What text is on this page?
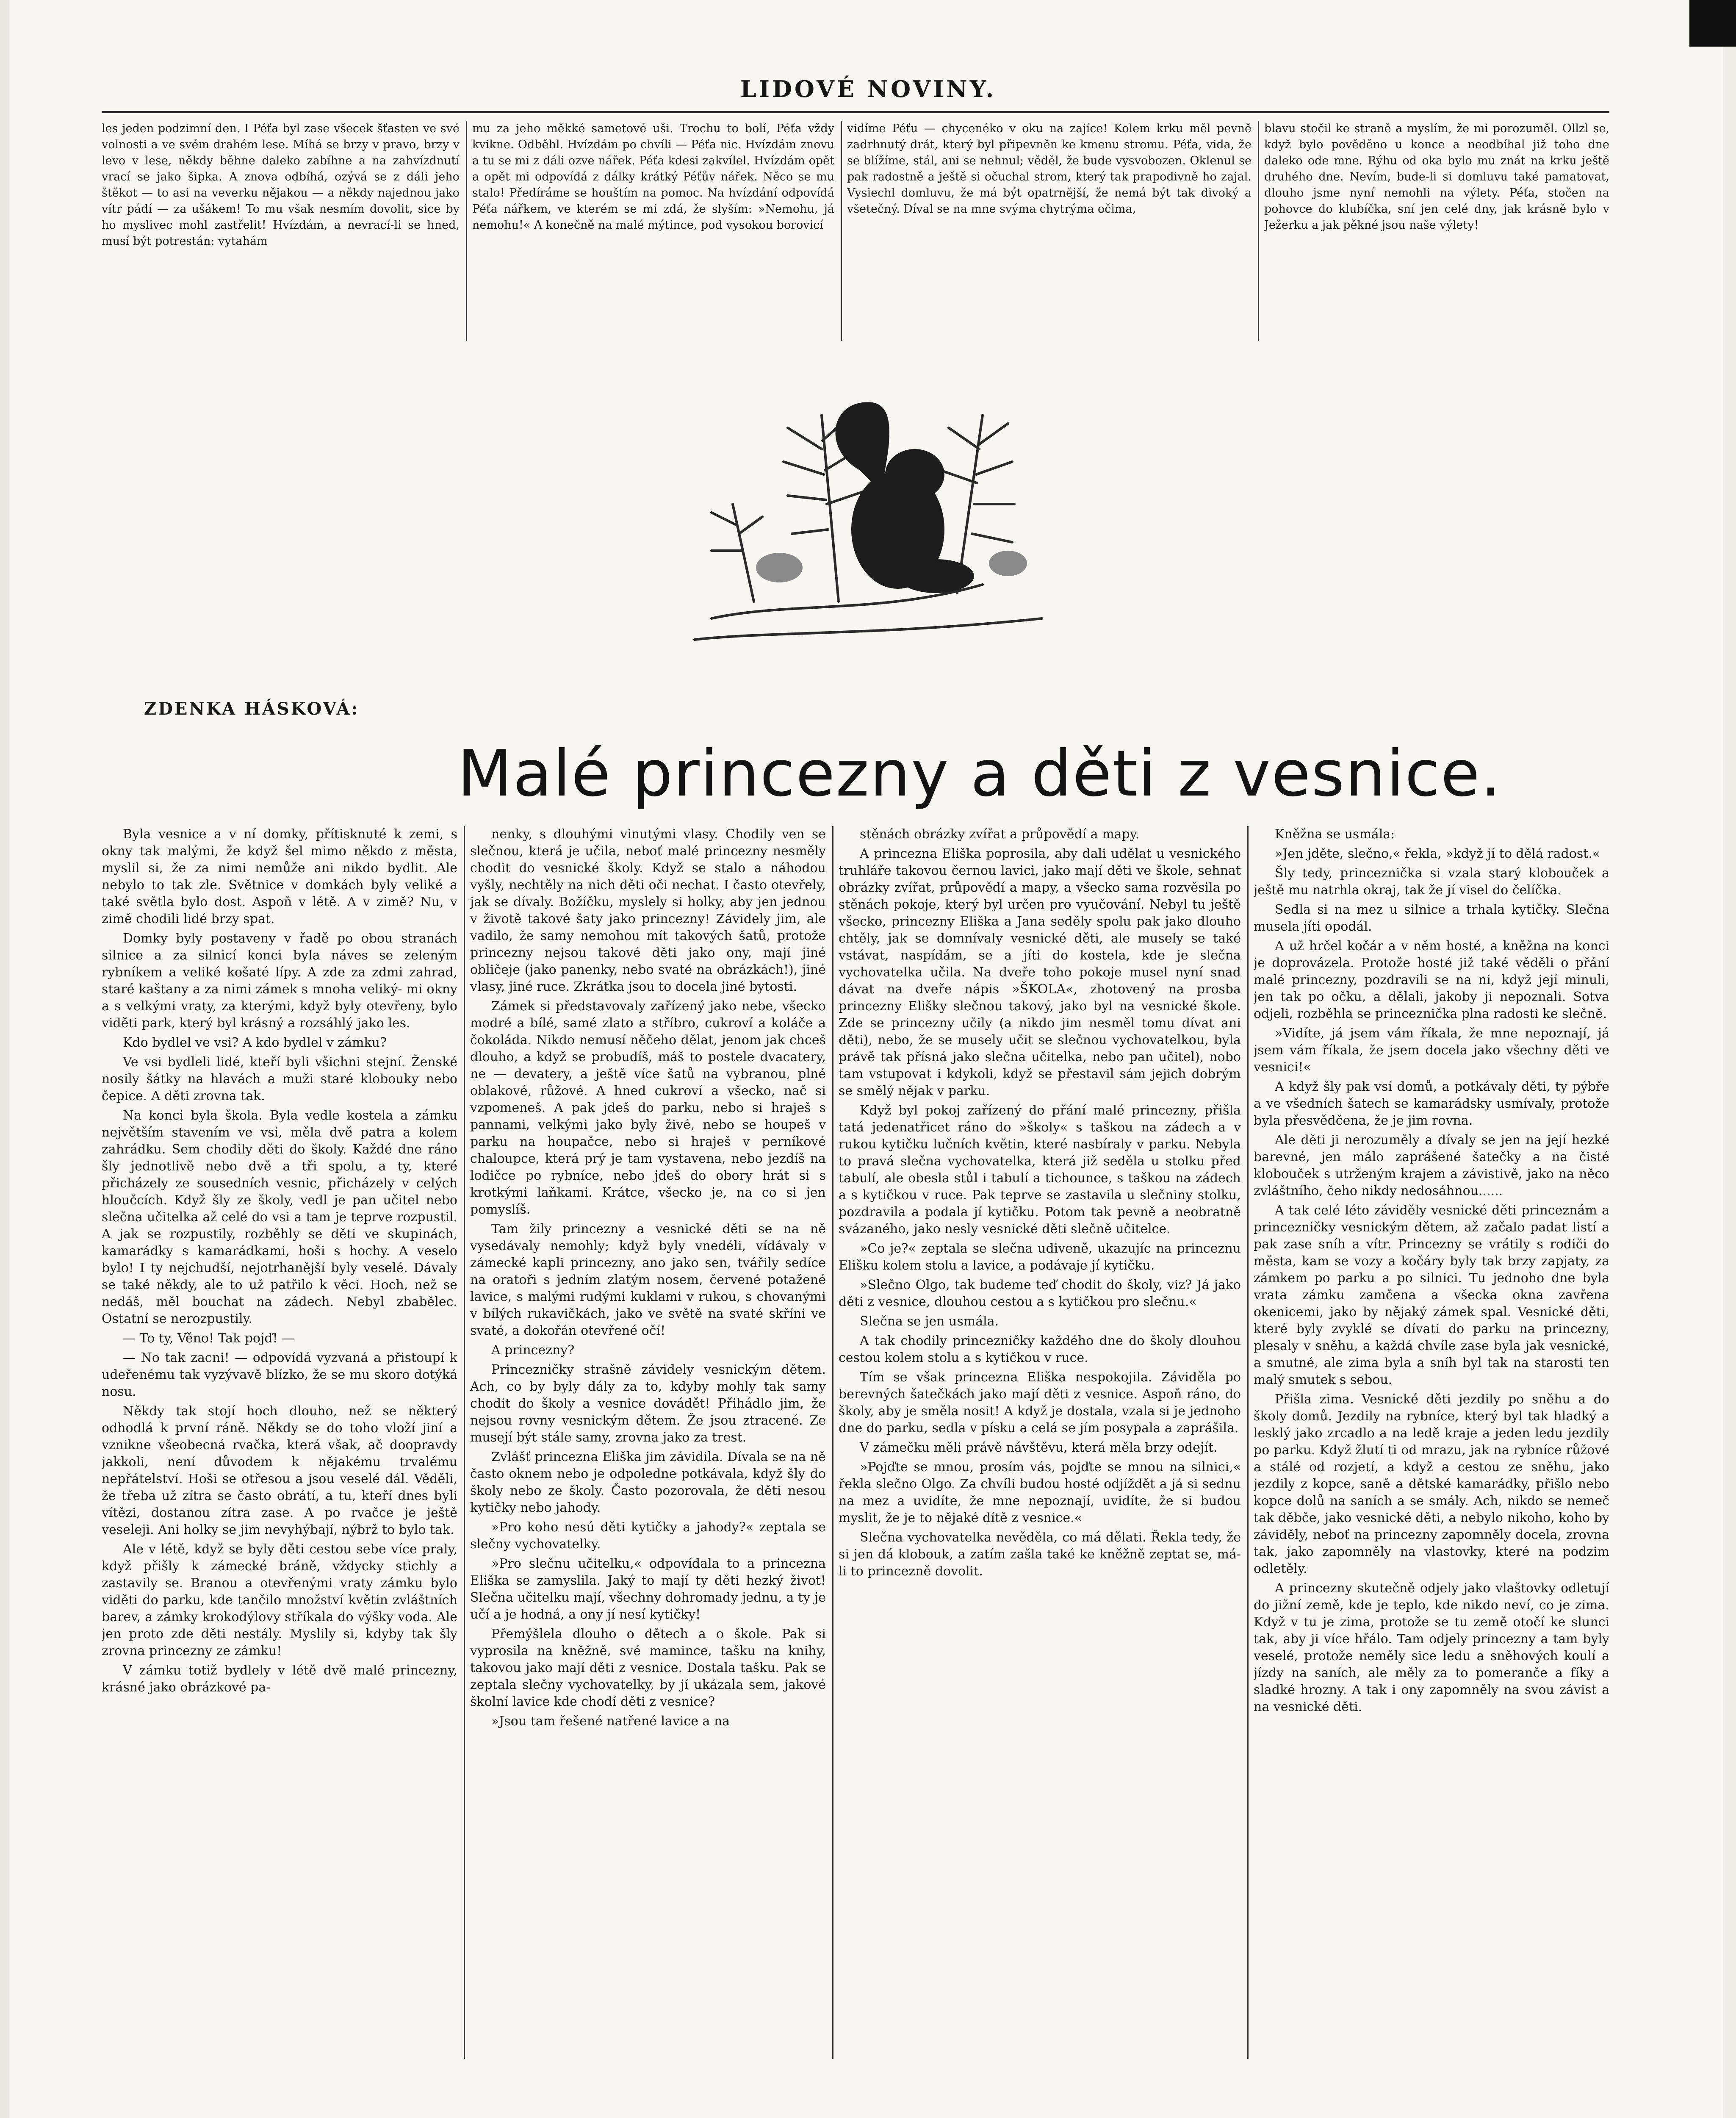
LIDOVÉ NOVINY.

les jeden podzimní den. I Péťa byl zase všecek šťasten ve své volnosti a ve svém drahém lese. Míhá se brzy v pravo, brzy v levo v lese, někdy běhne daleko zabíhne a na zahvízdnutí vrací se jako šipka. A znova odbíhá, ozývá se z dáli jeho štěkot — to asi na veverku nějakou — a někdy najednou jako vítr pádí — za ušákem! To mu však nesmím dovolit, sice by ho myslivec mohl zastřelit! Hvízdám, a nevrací-li se hned, musí být potrestán: vytahám

mu za jeho měkké sametové uši. Trochu to bolí, Péťa vždy kvikne. Odběhl. Hvízdám po chvíli — Péťa nic. Hvízdám znovu a tu se mi z dáli ozve nářek. Péťa kdesi zakvílel. Hvízdám opět a opět mi odpovídá z dálky krátký Péťův nářek. Něco se mu stalo! Předíráme se houštím na pomoc. Na hvízdání odpovídá Péťa nářkem, ve kterém se mi zdá, že slyším: »Nemohu, já nemohu!« A konečně na malé mýtince, pod vysokou borovicí

vidíme Péťu — chycenéko v oku na zajíce! Kolem krku měl pevně zadrhnutý drát, který byl připevněn ke kmenu stromu. Péťa, vida, že se blížíme, stál, ani se nehnul; věděl, že bude vysvobozen. Oklenul se pak radostně a ještě si očuchal strom, který tak prapodivně ho zajal. Vysiechl domluvu, že má být opatrnější, že nemá být tak divoký a všetečný. Díval se na mne svýma chytrýma očima,

blavu stočil ke straně a myslím, že mi porozuměl. Ollzl se, když bylo pověděno u konce a neodbíhal již toho dne daleko ode mne. Rýhu od oka bylo mu znát na krku ještě druhého dne. Nevím, bude-li si domluvu také pamatovat, dlouho jsme nyní nemohli na výlety. Péťa, stočen na pohovce do klubíčka, sní jen celé dny, jak krásně bylo v Ježerku a jak pěkné jsou naše výlety!

ZDENKA HÁSKOVÁ:
Malé princezny a děti z vesnice.

Byla vesnice a v ní domky, přítisknuté k zemi, s okny tak malými, že když šel mimo někdo z města, myslil si, že za nimi nemůže ani nikdo bydlit. Ale nebylo to tak zle. Světnice v domkách byly veliké a také světla bylo dost. Aspoň v létě. A v zimě? Nu, v zimě chodili lidé brzy spat.

Domky byly postaveny v řadě po obou stranách silnice a za silnicí konci byla náves se zeleným rybníkem a veliké košaté lípy. A zde za zdmi zahrad, staré kaštany a za nimi zámek s mnoha veliký- mi okny a s velkými vraty, za kterými, když byly otevřeny, bylo viděti park, který byl krásný a rozsáhlý jako les.

Kdo bydlel ve vsi? A kdo bydlel v zámku?

Ve vsi bydleli lidé, kteří byli všichni stejní. Ženské nosily šátky na hlavách a muži staré klobouky nebo čepice. A děti zrovna tak.

Na konci byla škola. Byla vedle kostela a zámku největším stavením ve vsi, měla dvě patra a kolem zahrádku. Sem chodily děti do školy. Každé dne ráno šly jednotlivě nebo dvě a tři spolu, a ty, které přicházely ze sousedních vesnic, přicházely v celých hloučcích. Když šly ze školy, vedl je pan učitel nebo slečna učitelka až celé do vsi a tam je teprve rozpustil. A jak se rozpustily, rozběhly se děti ve skupinách, kamarádky s kamarádkami, hoši s hochy. A veselo bylo! I ty nejchudší, nejotrhanější byly veselé. Dávaly se také někdy, ale to už patřilo k věci. Hoch, než se nedáš, měl bouchat na zádech. Nebyl zbabělec. Ostatní se nerozpustily.

— To ty, Věno! Tak pojď! —

— No tak zacni! — odpovídá vyzvaná a přistoupí k udeřenému tak vyzývavě blízko, že se mu skoro dotýká nosu.

Někdy tak stojí hoch dlouho, než se některý odhodlá k první ráně. Někdy se do toho vloží jiní a vznikne všeobecná rvačka, která však, ač doopravdy jakkoli, není důvodem k nějakému trvalému nepřátelství. Hoši se otřesou a jsou veselé dál. Věděli, že třeba už zítra se často obrátí, a tu, kteří dnes byli vítězi, dostanou zítra zase. A po rvačce je ještě veseleji. Ani holky se jim nevyhýbají, nýbrž to bylo tak.

Ale v létě, když se byly děti cestou sebe více praly, když přišly k zámecké bráně, vždycky stichly a zastavily se. Branou a otevřenými vraty zámku bylo viděti do parku, kde tančilo množství květin zvláštních barev, a zámky krokodýlovy stříkala do výšky voda. Ale jen proto zde děti nestály. Myslily si, kdyby tak šly zrovna princezny ze zámku!

V zámku totiž bydlely v létě dvě malé princezny, krásné jako obrázkové pa-

nenky, s dlouhými vinutými vlasy. Chodily ven se slečnou, která je učila, neboť malé princezny nesměly chodit do vesnické školy. Když se stalo a náhodou vyšly, nechtěly na nich děti oči nechat. I často otevřely, jak se dívaly. Božíčku, myslely si holky, aby jen jednou v životě takové šaty jako princezny! Závidely jim, ale vadilo, že samy nemohou mít takových šatů, protože princezny nejsou takové děti jako ony, mají jiné obličeje (jako panenky, nebo svaté na obrázkách!), jiné vlasy, jiné ruce. Zkrátka jsou to docela jiné bytosti.

Zámek si představovaly zařízený jako nebe, všecko modré a bílé, samé zlato a stříbro, cukroví a koláče a čokoláda. Nikdo nemusí něčeho dělat, jenom jak chceš dlouho, a když se probudíš, máš to postele dvacatery, ne — devatery, a ještě více šatů na vybranou, plné oblakové, růžové. A hned cukroví a všecko, nač si vzpomeneš. A pak jdeš do parku, nebo si hraješ s pannami, velkými jako byly živé, nebo se houpeš v parku na houpačce, nebo si hraješ v perníkové chaloupce, která prý je tam vystavena, nebo jezdíš na lodičce po rybníce, nebo jdeš do obory hrát si s krotkými laňkami. Krátce, všecko je, na co si jen pomyslíš.

Tam žily princezny a vesnické děti se na ně vysedávaly nemohly; když byly vnedéli, vídávaly v zámecké kapli princezny, ano jako sen, tvářily sedíce na oratoři s jedním zlatým nosem, červené potažené lavice, s malými rudými kuklami v rukou, s chovanými v bílých rukavičkách, jako ve světě na svaté skříni ve svaté, a dokořán otevřené očí!

A princezny?

Princezničky strašně závidely vesnickým dětem. Ach, co by byly dály za to, kdyby mohly tak samy chodit do školy a vesnice dovádět! Přihádlo jim, že nejsou rovny vesnickým dětem. Že jsou ztracené. Ze musejí být stále samy, zrovna jako za trest.

Zvlášť princezna Eliška jim závidila. Dívala se na ně často oknem nebo je odpoledne potkávala, když šly do školy nebo ze školy. Často pozorovala, že děti nesou kytičky nebo jahody.

»Pro koho nesú děti kytičky a jahody?« zeptala se slečny vychovatelky.

»Pro slečnu učitelku,« odpovídala to a princezna Eliška se zamyslila. Jaký to mají ty děti hezký život! Slečna učitelku mají, všechny dohromady jednu, a ty je učí a je hodná, a ony jí nesí kytičky!

Přemýšlela dlouho o dětech a o škole. Pak si vyprosila na kněžně, své mamince, tašku na knihy, takovou jako mají děti z vesnice. Dostala tašku. Pak se zeptala slečny vychovatelky, by jí ukázala sem, jakové školní lavice kde chodí děti z vesnice?

»Jsou tam řešené natřené lavice a na

stěnách obrázky zvířat a průpovědí a mapy.

A princezna Eliška poprosila, aby dali udělat u vesnického truhláře takovou černou lavici, jako mají děti ve škole, sehnat obrázky zvířat, průpovědí a mapy, a všecko sama rozvěsila po stěnách pokoje, který byl určen pro vyučování. Nebyl tu ještě všecko, princezny Eliška a Jana seděly spolu pak jako dlouho chtěly, jak se domnívaly vesnické děti, ale musely se také vstávat, naspídám, se a jíti do kostela, kde je slečna vychovatelka učila. Na dveře toho pokoje musel nyní snad dávat na dveře nápis »ŠKOLA«, zhotovený na prosba princezny Elišky slečnou takový, jako byl na vesnické škole. Zde se princezny učily (a nikdo jim nesměl tomu dívat ani děti), nebo, že se musely učit se slečnou vychovatelkou, byla právě tak přísná jako slečna učitelka, nebo pan učitel), nobo tam vstupovat i kdykoli, když se přestavil sám jejich dobrým se smělý nějak v parku.

Když byl pokoj zařízený do přání malé princezny, přišla tatá jedenatřicet ráno do »školy« s taškou na zádech a v rukou kytičku lučních květin, které nasbíraly v parku. Nebyla to pravá slečna vychovatelka, která již seděla u stolku před tabulí, ale obesla stůl i tabulí a tichounce, s taškou na zádech a s kytičkou v ruce. Pak teprve se zastavila u slečniny stolku, pozdravila a podala jí kytičku. Potom tak pevně a neobratně svázaného, jako nesly vesnické děti slečně učitelce.

»Co je?« zeptala se slečna udiveně, ukazujíc na princeznu Elišku kolem stolu a lavice, a podávaje jí kytičku.

»Slečno Olgo, tak budeme teď chodit do školy, viz? Já jako děti z vesnice, dlouhou cestou a s kytičkou pro slečnu.«

Slečna se jen usmála.

A tak chodily princezničky každého dne do školy dlouhou cestou kolem stolu a s kytičkou v ruce.

Tím se však princezna Eliška nespokojila. Záviděla po berevných šatečkách jako mají děti z vesnice. Aspoň ráno, do školy, aby je směla nosit! A když je dostala, vzala si je jednoho dne do parku, sedla v písku a celá se jím posypala a zaprášila.

V zámečku měli právě návštěvu, která měla brzy odejít.

»Pojďte se mnou, prosím vás, pojďte se mnou na silnici,« řekla slečno Olgo. Za chvíli budou hosté odjíždět a já si sednu na mez a uvidíte, že mne nepoznají, uvidíte, že si budou myslit, že je to nějaké dítě z vesnice.«

Slečna vychovatelka nevěděla, co má dělati. Řekla tedy, že si jen dá klobouk, a zatím zašla také ke kněžně zeptat se, má-li to princezně dovolit.

Kněžna se usmála:

»Jen jděte, slečno,« řekla, »když jí to dělá radost.«

Šly tedy, princeznička si vzala starý klobouček a ještě mu natrhla okraj, tak že jí visel do čelíčka.

Sedla si na mez u silnice a trhala kytičky. Slečna musela jíti opodál.

A už hrčel kočár a v něm hosté, a kněžna na konci je doprovázela. Protože hosté již také věděli o přání malé princezny, pozdravili se na ni, když její minuli, jen tak po očku, a dělali, jakoby ji nepoznali. Sotva odjeli, rozběhla se princeznička plna radosti ke slečně.

»Vidíte, já jsem vám říkala, že mne nepoznají, já jsem vám říkala, že jsem docela jako všechny děti ve vesnici!«

A když šly pak vsí domů, a potkávaly děti, ty pýbře a ve všedních šatech se kamarádsky usmívaly, protože byla přesvědčena, že je jim rovna.

Ale děti ji nerozuměly a dívaly se jen na její hezké barevné, jen málo zaprášené šatečky a na čisté klobouček s utrženým krajem a závistivě, jako na něco zvláštního, čeho nikdy nedosáhnou......

A tak celé léto záviděly vesnické děti princeznám a princezničky vesnickým dětem, až začalo padat listí a pak zase sníh a vítr. Princezny se vrátily s rodiči do města, kam se vozy a kočáry byly tak brzy zapjaty, za zámkem po parku a po silnici. Tu jednoho dne byla vrata zámku zamčena a všecka okna zavřena okenicemi, jako by nějaký zámek spal. Vesnické děti, které byly zvyklé se dívati do parku na princezny, plesaly v sněhu, a každá chvíle zase byla jak vesnické, a smutné, ale zima byla a sníh byl tak na starosti ten malý smutek s sebou.

Přišla zima. Vesnické děti jezdily po sněhu a do školy domů. Jezdily na rybníce, který byl tak hladký a lesklý jako zrcadlo a na ledě kraje a jeden ledu jezdily po parku. Když žlutí ti od mrazu, jak na rybníce růžové a stálé od rozjetí, a když a cestou ze sněhu, jako jezdily z kopce, saně a dětské kamarádky, přišlo nebo kopce dolů na saních a se smály. Ach, nikdo se nemeč tak děbče, jako vesnické děti, a nebylo nikoho, koho by záviděly, neboť na princezny zapomněly docela, zrovna tak, jako zapomněly na vlastovky, které na podzim odletěly.

A princezny skutečně odjely jako vlaštovky odletují do jižní země, kde je teplo, kde nikdo neví, co je zima. Když v tu je zima, protože se tu země otočí ke slunci tak, aby ji více hřálo. Tam odjely princezny a tam byly veselé, protože neměly sice ledu a sněhových koulí a jízdy na saních, ale měly za to pomeranče a fíky a sladké hrozny. A tak i ony zapomněly na svou závist a na vesnické děti.
